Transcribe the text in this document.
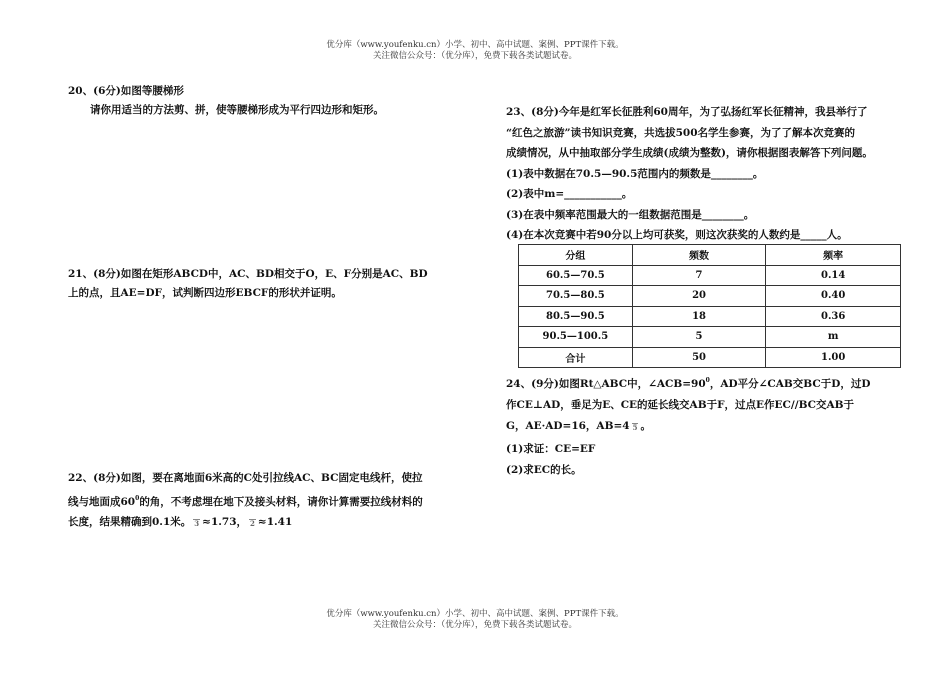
优分库（www.youfenku.cn）小学、初中、高中试题、案例、PPT课件下载。
关注微信公众号：（优分库），免费下载各类试题试卷。
20、(6分)如图等腰梯形
请你用适当的方法剪、拼，使等腰梯形成为平行四边形和矩形。
21、(8分)如图在矩形ABCD中，AC、BD相交于O，E、F分别是AC、BD
上的点，且AE=DF，试判断四边形EBCF的形状并证明。
22、(8分)如图，要在离地面6米高的C处引拉线AC、BC固定电线杆，使拉
线与地面成$60^0$的角，不考虑埋在地下及接头材料，请你计算需要拉线材料的
长度，结果精确到0.1米。 3 ≈1.73， 2 ≈1.41
23、(8分)今年是红军长征胜利60周年，为了弘扬红军长征精神，我县举行了
“红色之旅游”读书知识竞赛，共选拔500名学生参赛，为了了解本次竞赛的
成绩情况，从中抽取部分学生成绩(成绩为整数)，请你根据图表解答下列问题。
(1)表中数据在70.5—90.5范围内的频数是________。
(2)表中m=___________。
(3)在表中频率范围最大的一组数据范围是________。
(4)在本次竞赛中若90分以上均可获奖，则这次获奖的人数约是_____人。
24、(9分)如图Rt△ABC中，$\angle ACB=90^0$，AD平分∠CAB交BC于D，过D
作CE⊥AD，垂足为E、CE的延长线交AB于F，过点E作EC//BC交AB于
G，AE·AD=16，AB=4 5 。
(1)求证：CE=EF
(2)求EC的长。
分组	频数	频率
60.5—70.5	7	0.14
70.5—80.5	20	0.40
80.5—90.5	18	0.36
90.5—100.5	5	m
合计	50	1.00
优分库（www.youfenku.cn）小学、初中、高中试题、案例、PPT课件下载。
关注微信公众号：（优分库），免费下载各类试题试卷。
